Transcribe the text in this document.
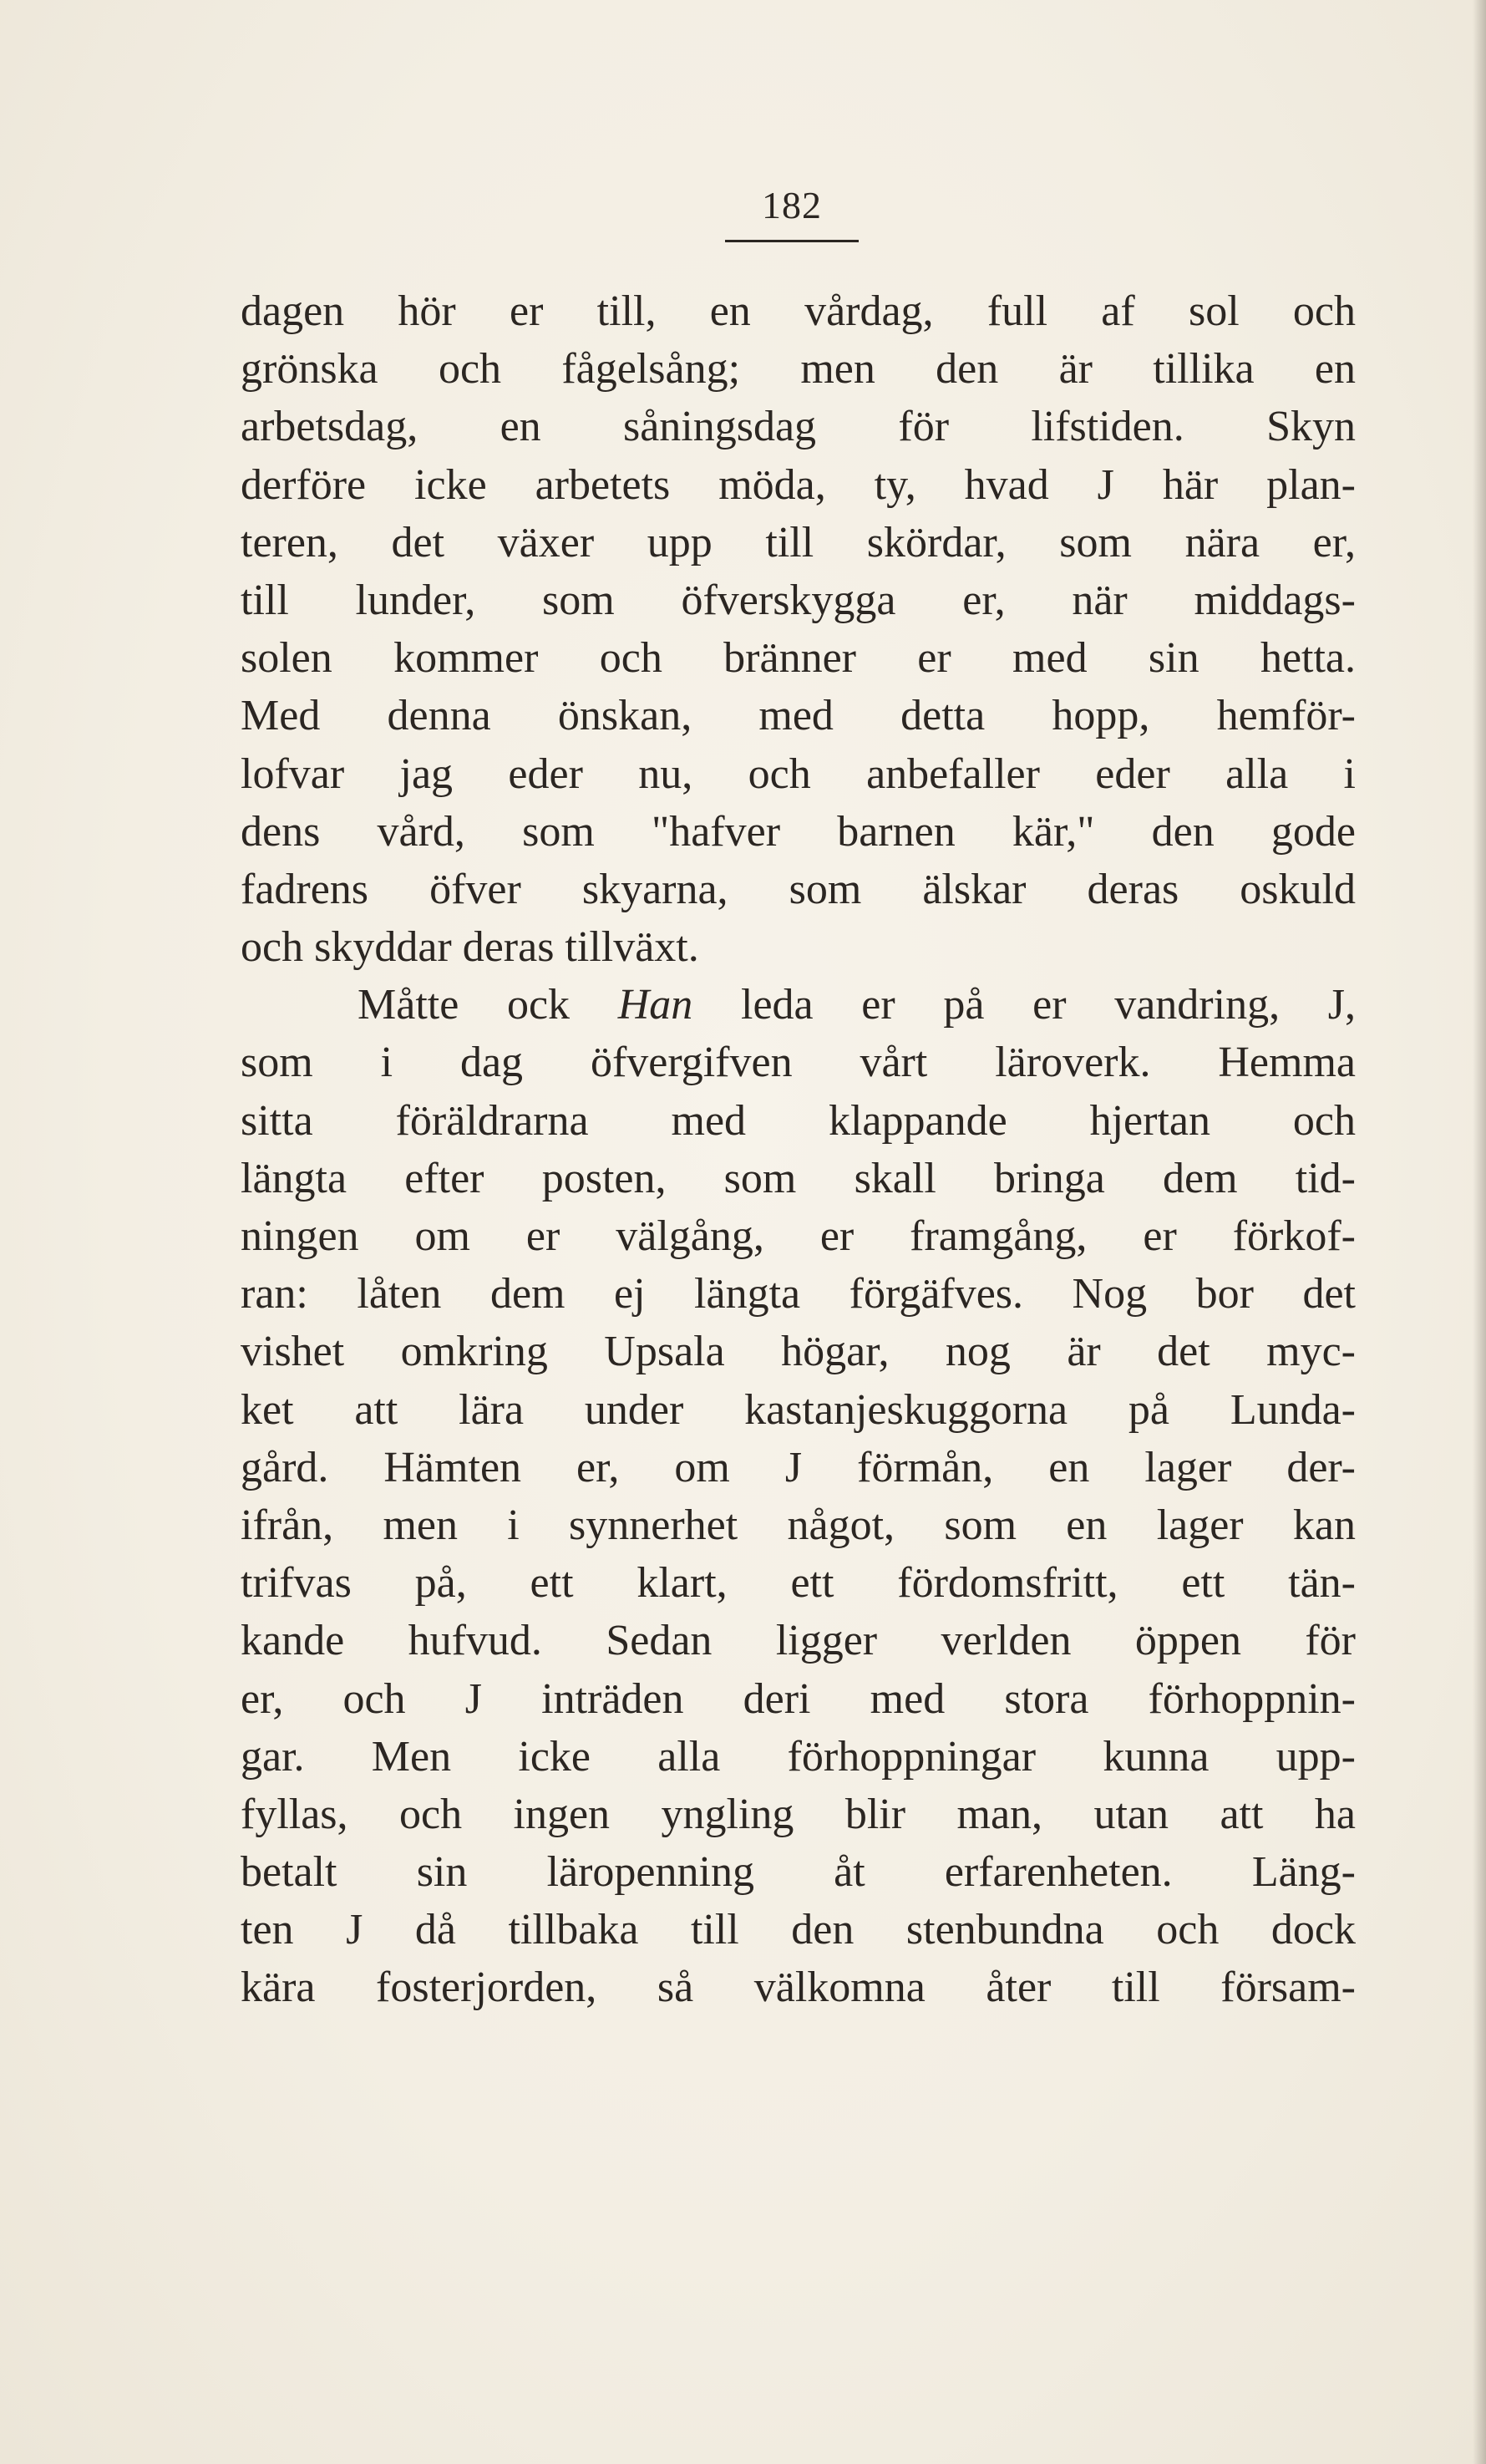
182
dagen hör er till, en vårdag, full af sol och
grönska och fågelsång; men den är tillika en
arbetsdag, en såningsdag för lifstiden. Skyn
derföre icke arbetets möda, ty, hvad J här plan-
teren, det växer upp till skördar, som nära er,
till lunder, som öfverskygga er, när middags-
solen kommer och bränner er med sin hetta.
Med denna önskan, med detta hopp, hemför-
lofvar jag eder nu, och anbefaller eder alla i
dens vård, som "hafver barnen kär," den gode
fadrens öfver skyarna, som älskar deras oskuld
och skyddar deras tillväxt.
Måtte ock Han leda er på er vandring, J,
som i dag öfvergifven vårt läroverk. Hemma
sitta föräldrarna med klappande hjertan och
längta efter posten, som skall bringa dem tid-
ningen om er välgång, er framgång, er förkof-
ran: låten dem ej längta förgäfves. Nog bor det
vishet omkring Upsala högar, nog är det myc-
ket att lära under kastanjeskuggorna på Lunda-
gård. Hämten er, om J förmån, en lager der-
ifrån, men i synnerhet något, som en lager kan
trifvas på, ett klart, ett fördomsfritt, ett tän-
kande hufvud. Sedan ligger verlden öppen för
er, och J inträden deri med stora förhoppnin-
gar. Men icke alla förhoppningar kunna upp-
fyllas, och ingen yngling blir man, utan att ha
betalt sin läropenning åt erfarenheten. Läng-
ten J då tillbaka till den stenbundna och dock
kära fosterjorden, så välkomna åter till försam-
